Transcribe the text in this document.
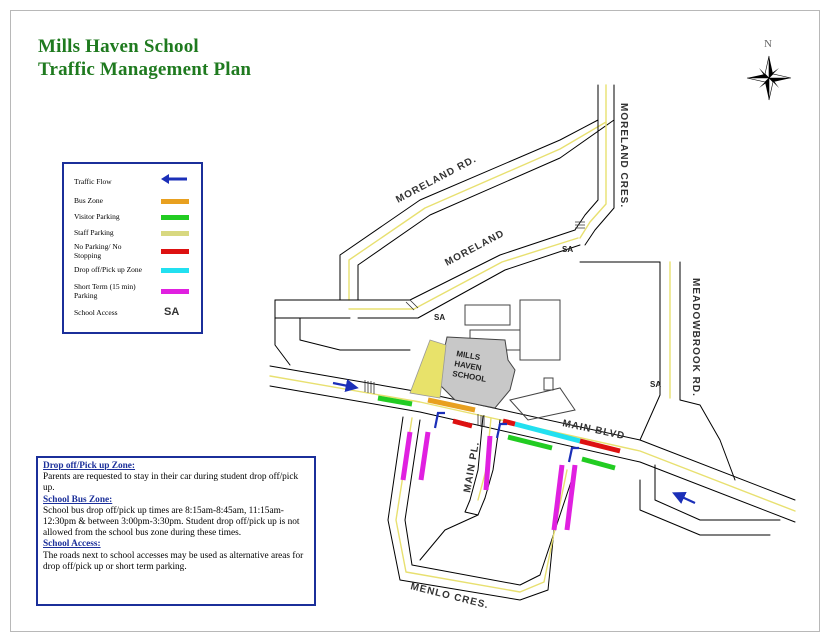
Mills Haven School
Traffic Management Plan
SA
SA
SA
MORELAND RD.
MORELAND
MORELAND CRES.
MEADOWBROOK RD.
MAIN BLVD
MAIN PL.
MENLO CRES.
MILLS
HAVEN
SCHOOL
N
Traffic Flow
Bus Zone
Visitor Parking
Staff Parking
No Parking/ No Stopping
Drop off/Pick up Zone
Short Term (15 min) Parking
School Access	SA

Drop off/Pick up Zone:

Parents are requested to stay in their car during student drop off/pick up.

School Bus Zone:

School bus drop off/pick up times are 8:15am-8:45am, 11:15am-12:30pm & between 3:00pm-3:30pm. Student drop off/pick up is not allowed from the school bus zone during these times.

School Access:

The roads next to school accesses may be used as alternative areas for drop off/pick up or short term parking.
